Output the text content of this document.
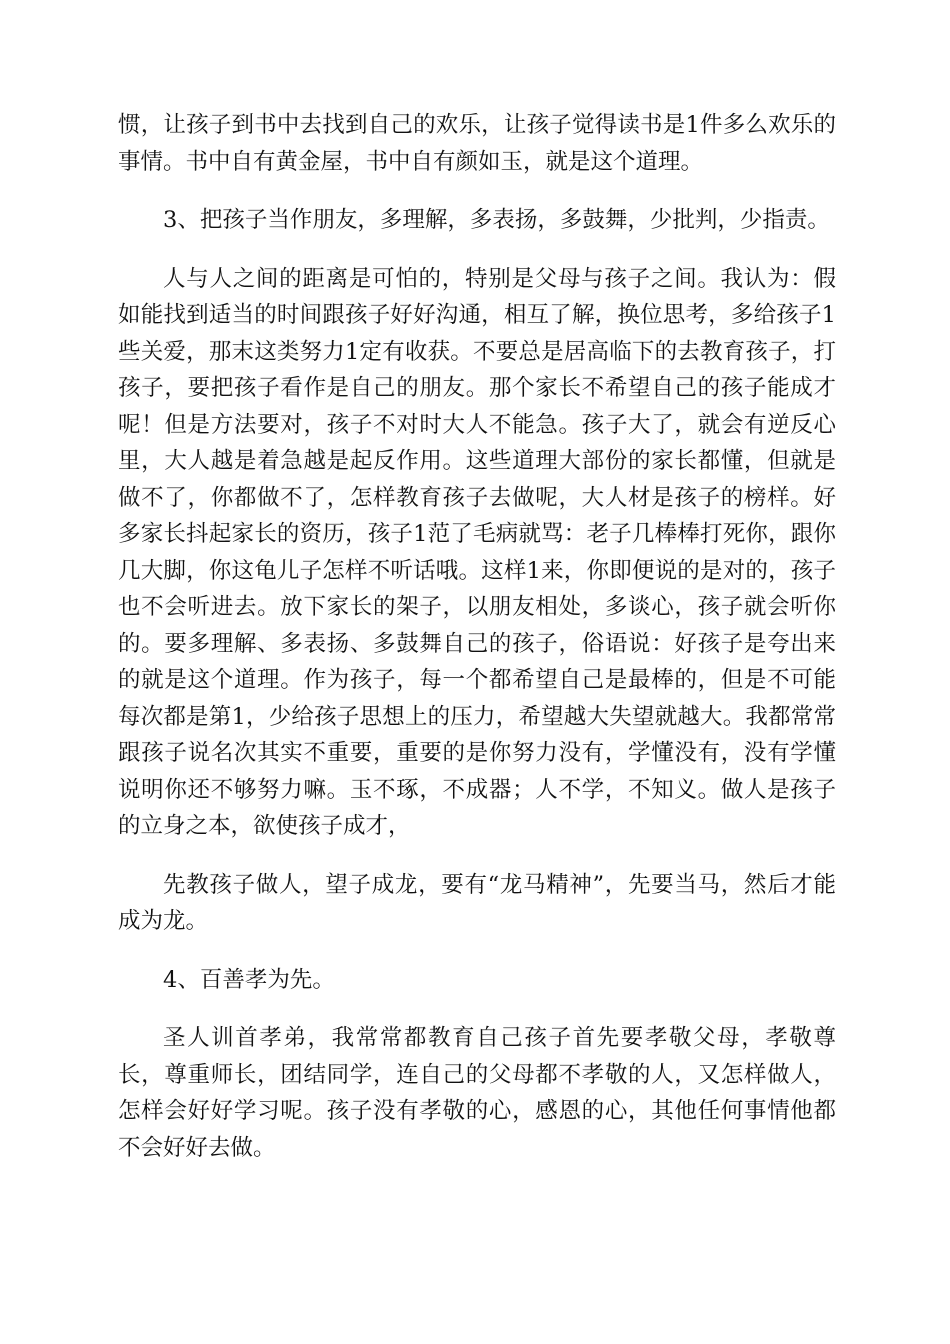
惯，让孩子到书中去找到自己的欢乐，让孩子觉得读书是1件多么欢乐的事情。书中自有黄金屋，书中自有颜如玉，就是这个道理。

3、把孩子当作朋友，多理解，多表扬，多鼓舞，少批判，少指责。

人与人之间的距离是可怕的，特别是父母与孩子之间。我认为：假如能找到适当的时间跟孩子好好沟通，相互了解，换位思考，多给孩子1些关爱，那末这类努力1定有收获。不要总是居高临下的去教育孩子，打孩子，要把孩子看作是自己的朋友。那个家长不希望自己的孩子能成才呢！但是方法要对，孩子不对时大人不能急。孩子大了，就会有逆反心里，大人越是着急越是起反作用。这些道理大部份的家长都懂，但就是做不了，你都做不了，怎样教育孩子去做呢，大人材是孩子的榜样。好多家长抖起家长的资历，孩子1范了毛病就骂：老子几棒棒打死你，跟你几大脚，你这龟儿子怎样不听话哦。这样1来，你即便说的是对的，孩子也不会听进去。放下家长的架子，以朋友相处，多谈心，孩子就会听你的。要多理解、多表扬、多鼓舞自己的孩子，俗语说：好孩子是夸出来的就是这个道理。作为孩子，每一个都希望自己是最棒的，但是不可能每次都是第1，少给孩子思想上的压力，希望越大失望就越大。我都常常跟孩子说名次其实不重要，重要的是你努力没有，学懂没有，没有学懂说明你还不够努力嘛。玉不琢，不成器；人不学，不知义。做人是孩子的立身之本，欲使孩子成才，

先教孩子做人，望子成龙，要有“龙马精神”，先要当马，然后才能成为龙。

4、百善孝为先。

圣人训首孝弟，我常常都教育自己孩子首先要孝敬父母，孝敬尊长，尊重师长，团结同学，连自己的父母都不孝敬的人，又怎样做人，怎样会好好学习呢。孩子没有孝敬的心，感恩的心，其他任何事情他都不会好好去做。
